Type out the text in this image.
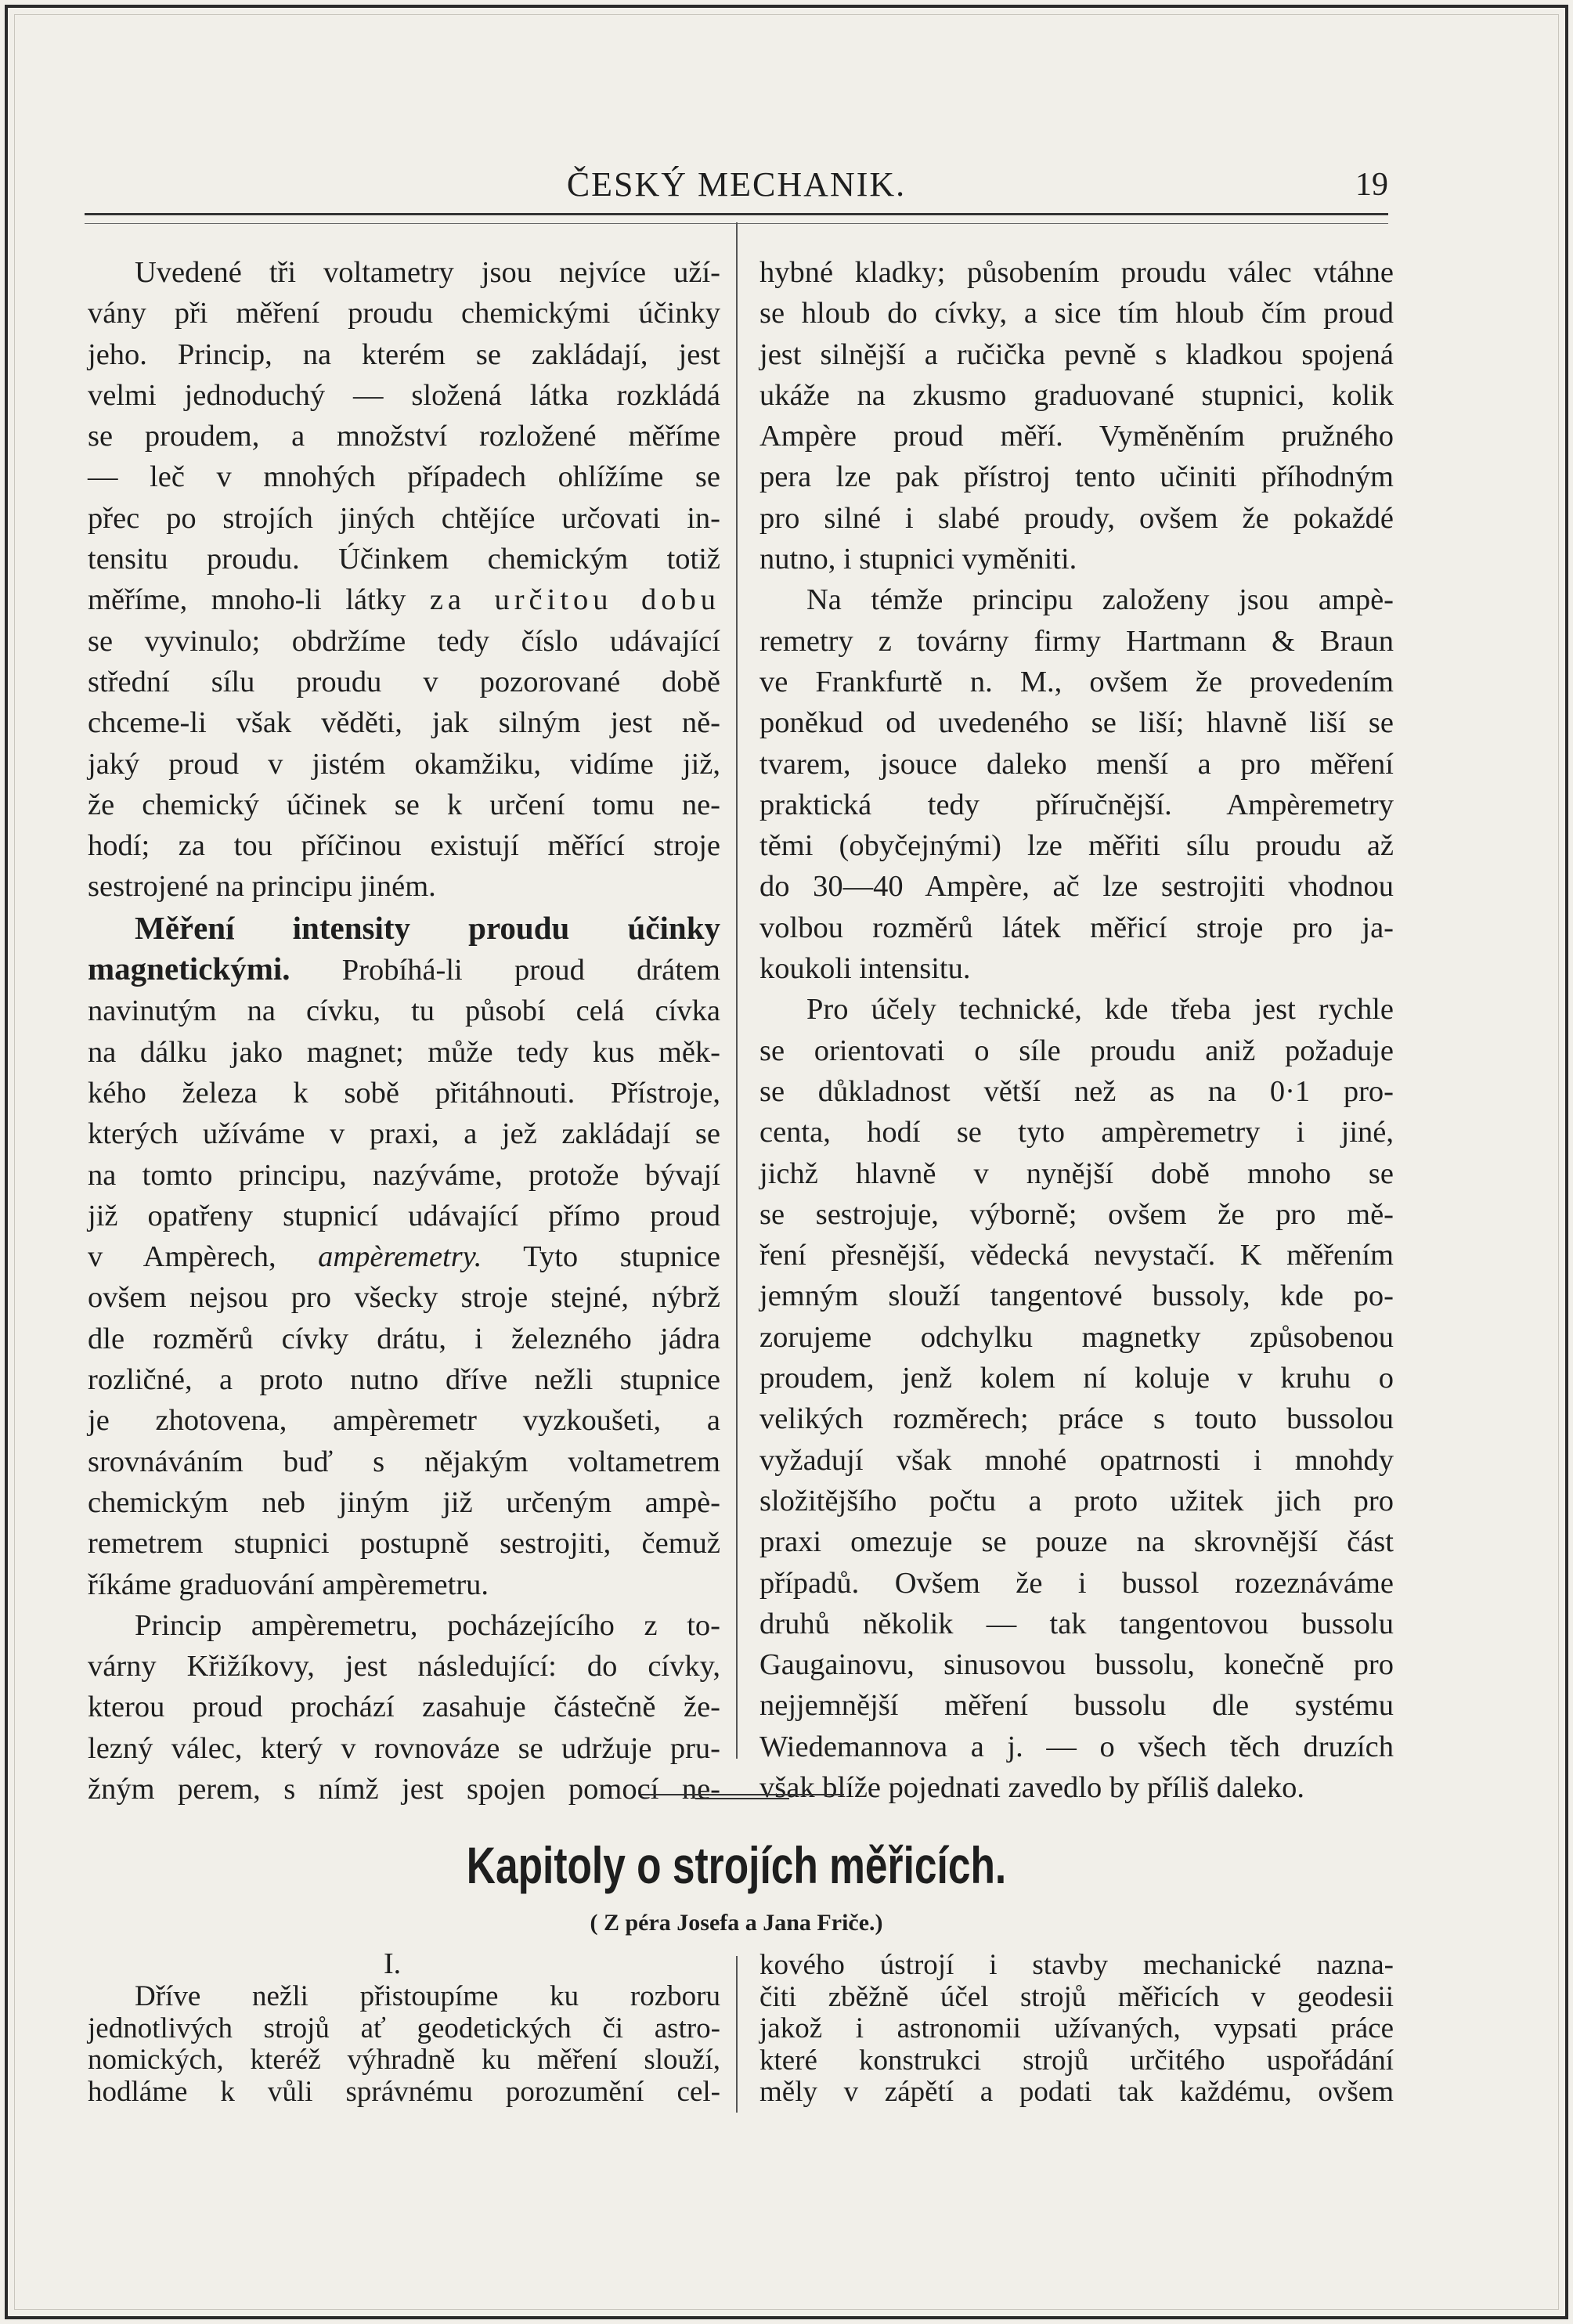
ČESKÝ MECHANIK.	19

Uvedené tři voltametry jsou nejvíce uží-

vány při měření proudu chemickými účinky
jeho. Princip, na kterém se zakládají, jest
velmi jednoduchý — složená látka rozkládá
se proudem, a množství rozložené měříme
— leč v mnohých případech ohlížíme se
přec po strojích jiných chtějíce určovati in-
tensitu proudu. Účinkem chemickým totiž
měříme, mnoho-li látky za určitou dobu
se vyvinulo; obdržíme tedy číslo udávající
střední sílu proudu v pozorované době
chceme-li však věděti, jak silným jest ně-
jaký proud v jistém okamžiku, vidíme již,
že chemický účinek se k určení tomu ne-
hodí; za tou příčinou existují měřící stroje
sestrojené na principu jiném.

Měření intensity proudu účinky

magnetickými. Probíhá-li proud drátem
navinutým na cívku, tu působí celá cívka
na dálku jako magnet; může tedy kus měk-
kého železa k sobě přitáhnouti. Přístroje,
kterých užíváme v praxi, a jež zakládají se
na tomto principu, nazýváme, protože bývají
již opatřeny stupnicí udávající přímo proud
v Ampèrech, ampèremetry. Tyto stupnice
ovšem nejsou pro všecky stroje stejné, nýbrž
dle rozměrů cívky drátu, i železného jádra
rozličné, a proto nutno dříve nežli stupnice
je zhotovena, ampèremetr vyzkoušeti, a
srovnáváním buď s nějakým voltametrem
chemickým neb jiným již určeným ampè-
remetrem stupnici postupně sestrojiti, čemuž
říkáme graduování ampèremetru.

Princip ampèremetru, pocházejícího z to-

várny Křižíkovy, jest následující: do cívky,
kterou proud prochází zasahuje částečně že-
lezný válec, který v rovnováze se udržuje pru-
žným perem, s nímž jest spojen pomocí ne-

hybné kladky; působením proudu válec vtáhne
se hloub do cívky, a sice tím hloub čím proud
jest silnější a ručička pevně s kladkou spojená
ukáže na zkusmo graduované stupnici, kolik
Ampère proud měří. Vyměněním pružného
pera lze pak přístroj tento učiniti příhodným
pro silné i slabé proudy, ovšem že pokaždé
nutno, i stupnici vyměniti.

Na témže principu založeny jsou ampè-

remetry z továrny firmy Hartmann & Braun
ve Frankfurtě n. M., ovšem že provedením
poněkud od uvedeného se liší; hlavně liší se
tvarem, jsouce daleko menší a pro měření
praktická tedy příručnější. Ampèremetry
těmi (obyčejnými) lze měřiti sílu proudu až
do 30—40 Ampère, ač lze sestrojiti vhodnou
volbou rozměrů látek měřicí stroje pro ja-
koukoli intensitu.

Pro účely technické, kde třeba jest rychle

se orientovati o síle proudu aniž požaduje
se důkladnost větší než as na 0·1 pro-
centa, hodí se tyto ampèremetry i jiné,
jichž hlavně v nynější době mnoho se
se sestrojuje, výborně; ovšem že pro mě-
ření přesnější, vědecká nevystačí. K měřením
jemným slouží tangentové bussoly, kde po-
zorujeme odchylku magnetky způsobenou
proudem, jenž kolem ní koluje v kruhu o
velikých rozměrech; práce s touto bussolou
vyžadují však mnohé opatrnosti i mnohdy
složitějšího počtu a proto užitek jich pro
praxi omezuje se pouze na skrovnější část
případů. Ovšem že i bussol rozeznáváme
druhů několik — tak tangentovou bussolu
Gaugainovu, sinusovou bussolu, konečně pro
nejjemnější měření bussolu dle systému
Wiedemannova a j. — o všech těch druzích
však blíže pojednati zavedlo by příliš daleko.

Kapitoly o strojích měřicích.
( Z péra Josefa a Jana Friče.)
I.

Dříve nežli přistoupíme ku rozboru

jednotlivých strojů ať geodetických či astro-
nomických, kteréž výhradně ku měření slouží,
hodláme k vůli správnému porozumění cel-

kového ústrojí i stavby mechanické nazna-
čiti zběžně účel strojů měřicích v geodesii
jakož i astronomii užívaných, vypsati práce
které konstrukci strojů určitého uspořádání
měly v zápětí a podati tak každému, ovšem
